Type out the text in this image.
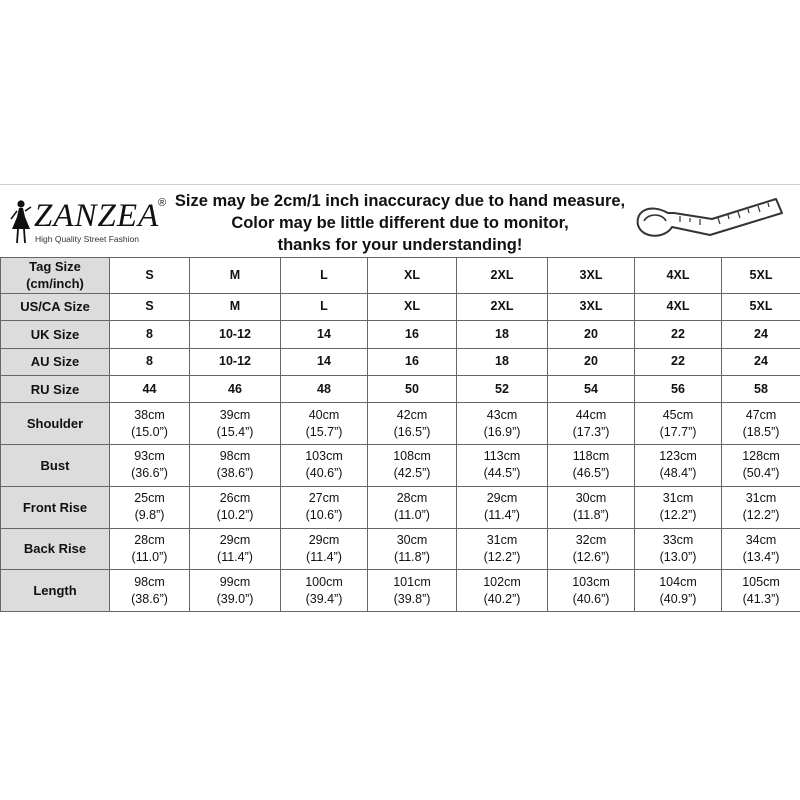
ZANZEA
®
High Quality Street Fashion
Size may be 2cm/1 inch inaccuracy due to hand measure,
Color may be little different due to monitor,
thanks for your understanding!
Tag Size
(cm/inch)	S	M	L	XL	2XL	3XL	4XL	5XL

US/CA Size	S	M	L	XL	2XL	3XL	4XL	5XL

UK Size	8	10-12	14	16	18	20	22	24

AU Size	8	10-12	14	16	18	20	22	24

RU Size	44	46	48	50	52	54	56	58

Shoulder	38cm
(15.0”)	39cm
(15.4”)	40cm
(15.7”)	42cm
(16.5”)	43cm
(16.9”)	44cm
(17.3”)	45cm
(17.7”)	47cm
(18.5”)

Bust	93cm
(36.6”)	98cm
(38.6”)	103cm
(40.6”)	108cm
(42.5”)	113cm
(44.5”)	118cm
(46.5”)	123cm
(48.4”)	128cm
(50.4”)

Front Rise	25cm
(9.8”)	26cm
(10.2”)	27cm
(10.6”)	28cm
(11.0”)	29cm
(11.4”)	30cm
(11.8”)	31cm
(12.2”)	31cm
(12.2”)

Back Rise	28cm
(11.0”)	29cm
(11.4”)	29cm
(11.4”)	30cm
(11.8”)	31cm
(12.2”)	32cm
(12.6”)	33cm
(13.0”)	34cm
(13.4”)

Length	98cm
(38.6”)	99cm
(39.0”)	100cm
(39.4”)	101cm
(39.8”)	102cm
(40.2”)	103cm
(40.6”)	104cm
(40.9”)	105cm
(41.3”)
